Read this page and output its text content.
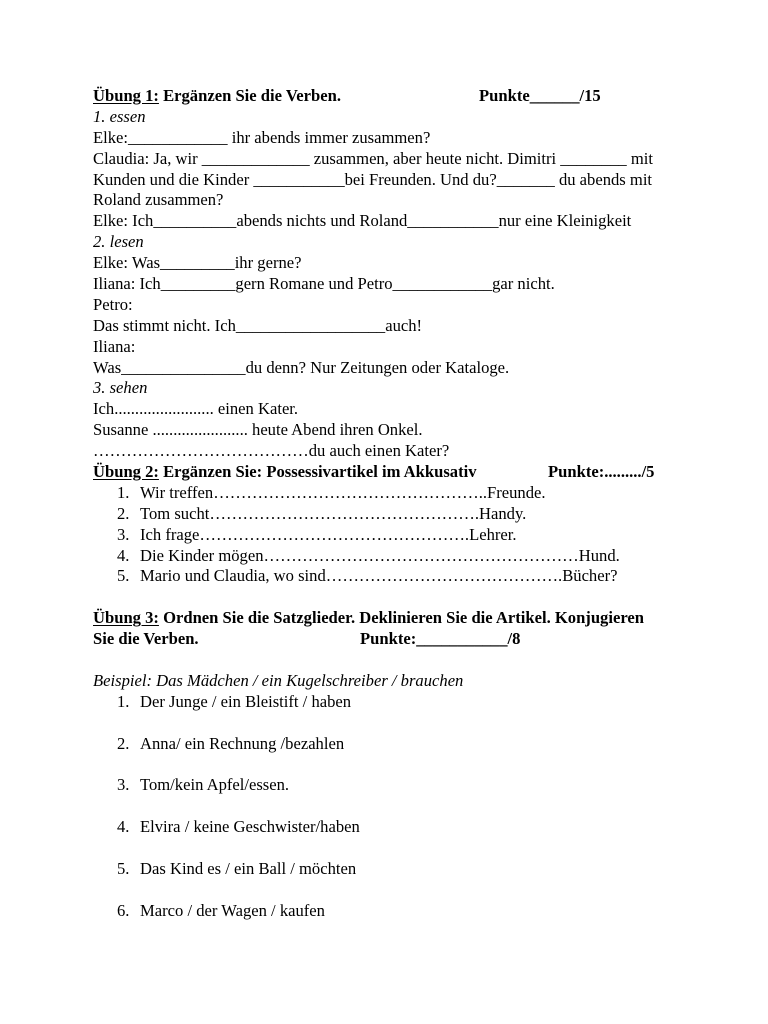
Übung 1: Ergänzen Sie die Verben.	Punkte______/15
1. essen
Elke:____________ ihr abends immer zusammen?
Claudia: Ja, wir _____________ zusammen, aber heute nicht. Dimitri ________ mit
Kunden und die Kinder ___________bei Freunden. Und du?_______ du abends mit
Roland zusammen?
Elke: Ich__________abends nichts und Roland___________nur eine Kleinigkeit
2. lesen
Elke: Was_________ihr gerne?
Iliana: Ich_________gern Romane und Petro____________gar nicht.
Petro:
Das stimmt nicht. Ich__________________auch!
Iliana:
Was_______________du denn? Nur Zeitungen oder Kataloge.
3. sehen
Ich........................ einen Kater.
Susanne ....................... heute Abend ihren Onkel.
…………………………………du auch einen Kater?
Übung 2: Ergänzen Sie: Possessivartikel im Akkusativ	Punkte:........./5
1. Wir treffen…………………………………………..Freunde.
2. Tom sucht………………………………………….Handy.
3. Ich frage………………………………………….Lehrer.
4. Die Kinder mögen…………………………………………………Hund.
5. Mario und Claudia, wo sind…………………………………….Bücher?
Übung 3: Ordnen Sie die Satzglieder. Deklinieren Sie die Artikel. Konjugieren
Sie die Verben.	Punkte:___________/8
Beispiel: Das Mädchen / ein Kugelschreiber / brauchen
1. Der Junge / ein Bleistift / haben
2. Anna/ ein Rechnung /bezahlen
3. Tom/kein Apfel/essen.
4. Elvira / keine Geschwister/haben
5. Das Kind es / ein Ball / möchten
6. Marco / der Wagen / kaufen
